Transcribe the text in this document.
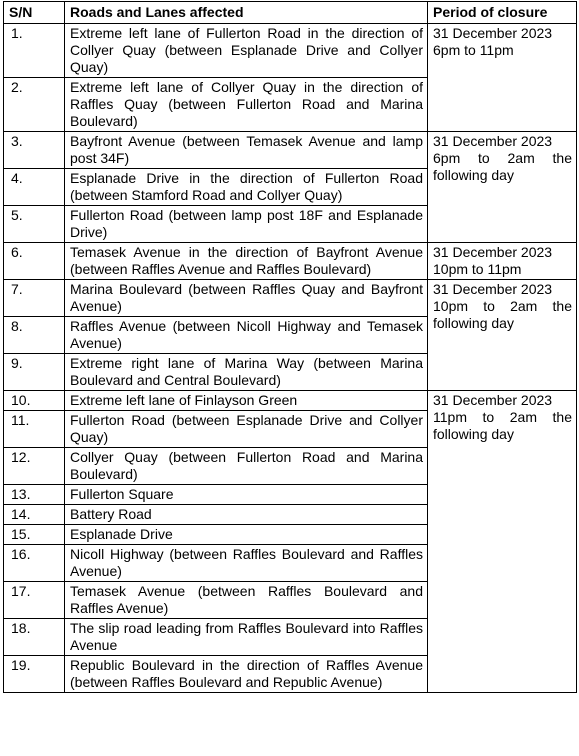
S/N	Roads and Lanes affected	Period of closure
1.	Extreme left lane of Fullerton Road in the direction of Collyer Quay (between Esplanade Drive and Collyer Quay)	31 December 2023
6pm to 11pm

2.	Extreme left lane of Collyer Quay in the direction of Raffles Quay (between Fullerton Road and Marina Boulevard)	
3.	Bayfront Avenue (between Temasek Avenue and lamp post 34F)	31 December 2023
6pm to 2am the following day

4.	Esplanade Drive in the direction of Fullerton Road (between Stamford Road and Collyer Quay)	
5.	Fullerton Road (between lamp post 18F and Esplanade Drive)	
6.	Temasek Avenue in the direction of Bayfront Avenue (between Raffles Avenue and Raffles Boulevard)	31 December 2023
10pm to 11pm

7.	Marina Boulevard (between Raffles Quay and Bayfront Avenue)	31 December 2023
10pm to 2am the following day

8.	Raffles Avenue (between Nicoll Highway and Temasek Avenue)	
9.	Extreme right lane of Marina Way (between Marina Boulevard and Central Boulevard)	
10.	Extreme left lane of Finlayson Green	31 December 2023
11pm to 2am the following day

11.	Fullerton Road (between Esplanade Drive and Collyer Quay)	
12.	Collyer Quay (between Fullerton Road and Marina Boulevard)	
13.	Fullerton Square	
14.	Battery Road	
15.	Esplanade Drive	
16.	Nicoll Highway (between Raffles Boulevard and Raffles Avenue)	
17.	Temasek Avenue (between Raffles Boulevard and Raffles Avenue)	
18.	The slip road leading from Raffles Boulevard into Raffles Avenue	
19.	Republic Boulevard in the direction of Raffles Avenue (between Raffles Boulevard and Republic Avenue)	
